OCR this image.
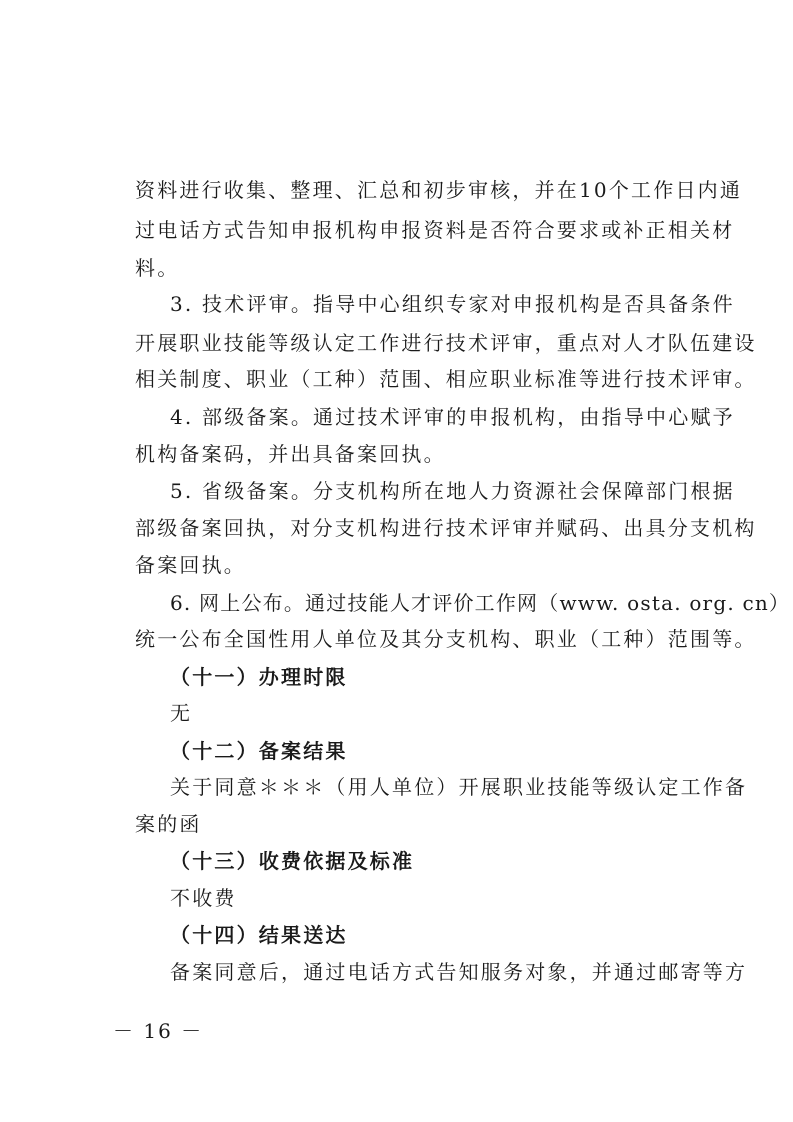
资料进行收集、整理、汇总和初步审核，并在10个工作日内通
过电话方式告知申报机构申报资料是否符合要求或补正相关材
料。
3. 技术评审。指导中心组织专家对申报机构是否具备条件
开展职业技能等级认定工作进行技术评审，重点对人才队伍建设
相关制度、职业（工种）范围、相应职业标准等进行技术评审。
4. 部级备案。通过技术评审的申报机构，由指导中心赋予
机构备案码，并出具备案回执。
5. 省级备案。分支机构所在地人力资源社会保障部门根据
部级备案回执，对分支机构进行技术评审并赋码、出具分支机构
备案回执。
6. 网上公布。通过技能人才评价工作网（www. osta. org. cn）
统一公布全国性用人单位及其分支机构、职业（工种）范围等。
（十一）办理时限
无
（十二）备案结果
关于同意＊＊＊（用人单位）开展职业技能等级认定工作备
案的函
（十三）收费依据及标准
不收费
（十四）结果送达
备案同意后，通过电话方式告知服务对象，并通过邮寄等方
－ 16 －
